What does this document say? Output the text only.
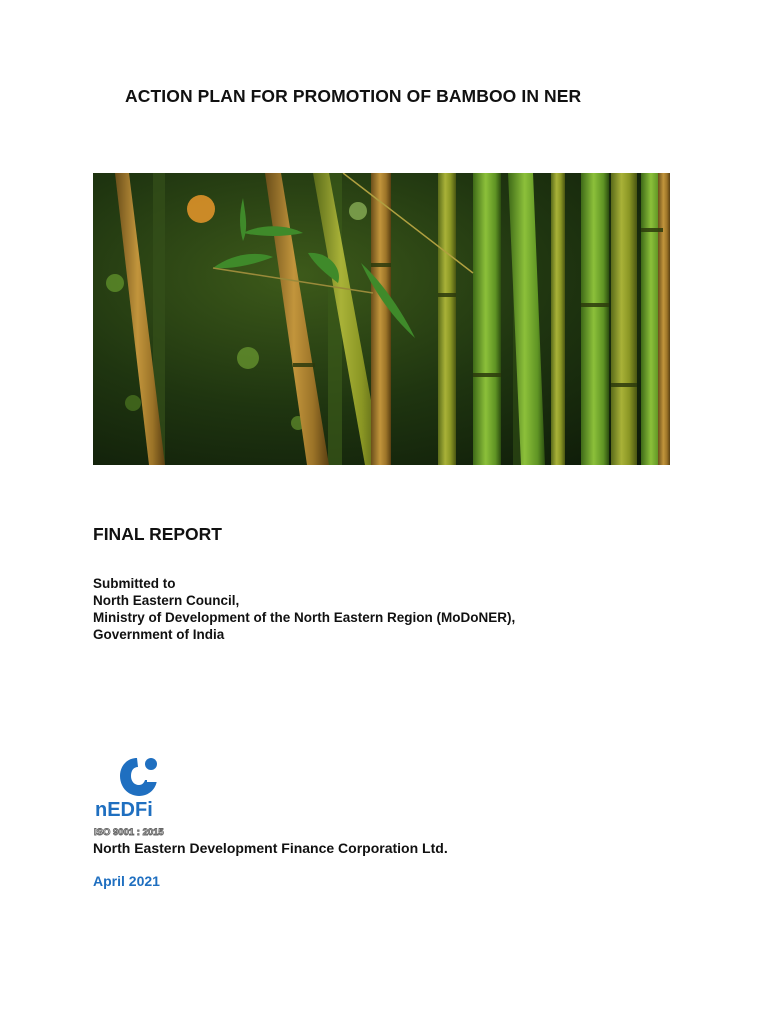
ACTION PLAN FOR PROMOTION OF BAMBOO IN NER
FINAL REPORT
Submitted to
North Eastern Council,
Ministry of Development of the North Eastern Region (MoDoNER),
Government of India
nEDFi
ISO 9001 : 2015
North Eastern Development Finance Corporation Ltd.
April 2021
